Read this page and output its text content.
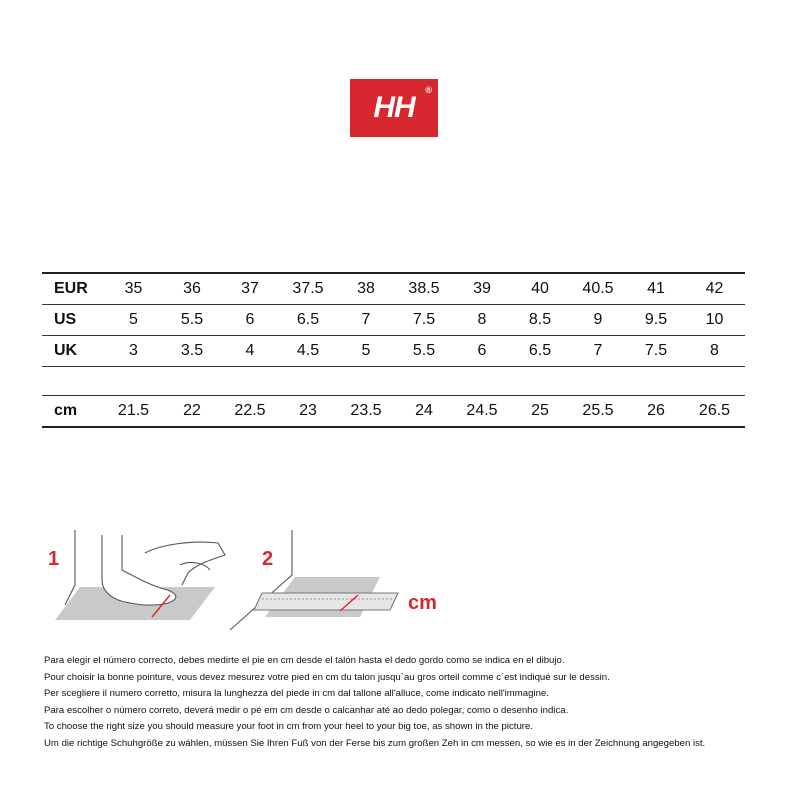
HH
®
EUR	35	36	37	37.5	38	38.5	39	40	40.5	41	42
US	5	5.5	6	6.5	7	7.5	8	8.5	9	9.5	10
UK	3	3.5	4	4.5	5	5.5	6	6.5	7	7.5	8
cm	21.5	22	22.5	23	23.5	24	24.5	25	25.5	26	26.5
1	2
cm

Para elegir el número correcto, debes medirte el pie en cm desde el talón hasta el dedo gordo como se indica en el dibujo.

Pour choisir la bonne pointure, vous devez mesurez votre pied en cm du talon jusqu`au gros orteil comme c´est indiqué sur le dessin.

Per scegliere il numero corretto, misura la lunghezza del piede in cm dal tallone all'alluce, come indicato nell'immagine.

Para escolher o número correto, deverá medir o pé em cm desde o calcanhar até ao dedo polegar, como o desenho indica.

To choose the right size you should measure your foot in cm from your heel to your big toe, as shown in the picture.

Um die richtige Schuhgröße zu wählen, müssen Sie Ihren Fuß von der Ferse bis zum großen Zeh in cm messen, so wie es in der Zeichnung angegeben ist.
